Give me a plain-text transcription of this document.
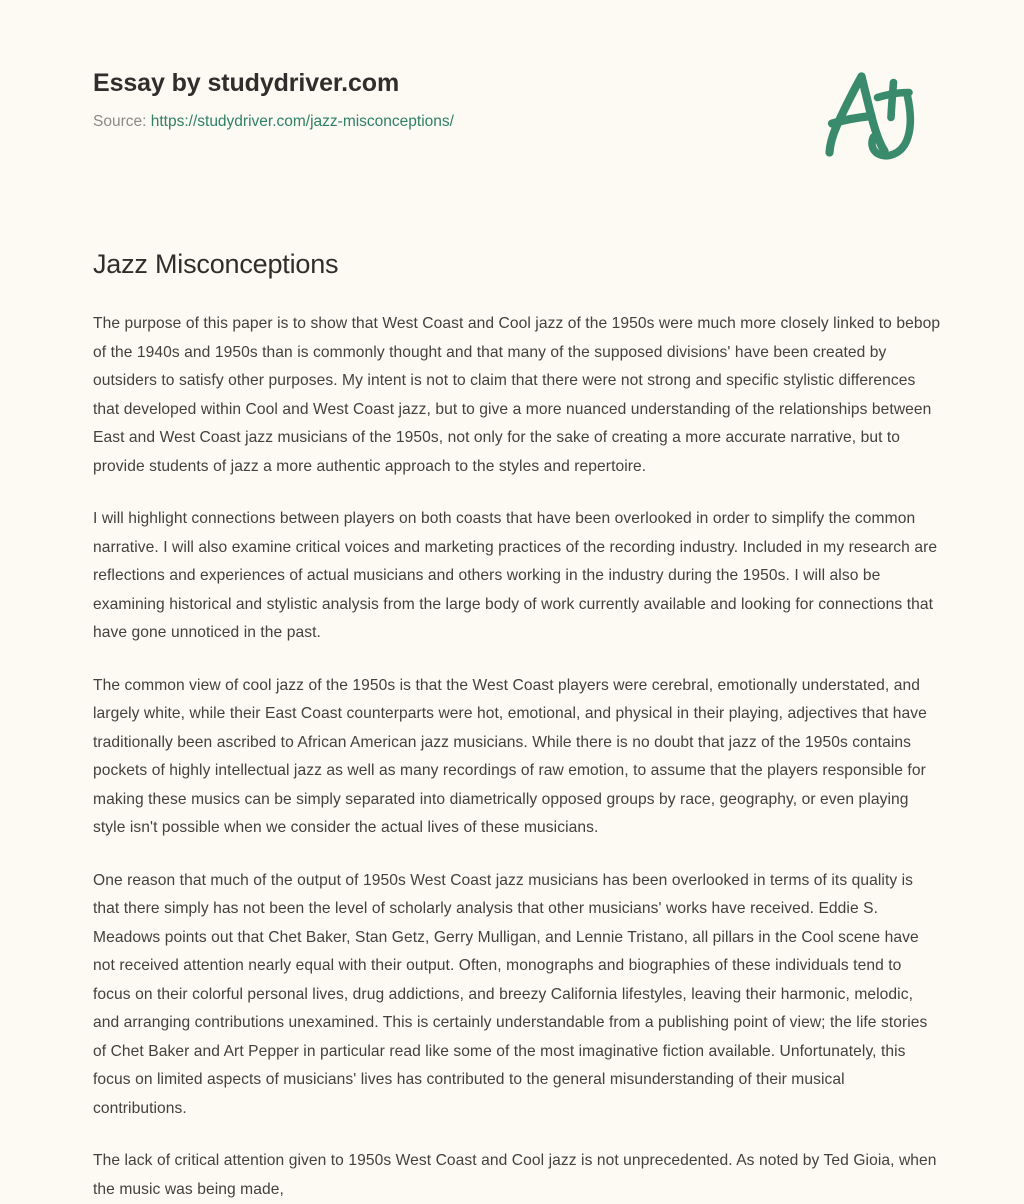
Essay by studydriver.com
Source: https://studydriver.com/jazz-misconceptions/
Jazz Misconceptions

The purpose of this paper is to show that West Coast and Cool jazz of the 1950s were much more closely linked to bebop of the 1940s and 1950s than is commonly thought and that many of the supposed divisions' have been created by outsiders to satisfy other purposes. My intent is not to claim that there were not strong and specific stylistic differences that developed within Cool and West Coast jazz, but to give a more nuanced understanding of the relationships between East and West Coast jazz musicians of the 1950s, not only for the sake of creating a more accurate narrative, but to provide students of jazz a more authentic approach to the styles and repertoire.

I will highlight connections between players on both coasts that have been overlooked in order to simplify the common narrative. I will also examine critical voices and marketing practices of the recording industry. Included in my research are reflections and experiences of actual musicians and others working in the industry during the 1950s. I will also be examining historical and stylistic analysis from the large body of work currently available and looking for connections that have gone unnoticed in the past.

The common view of cool jazz of the 1950s is that the West Coast players were cerebral, emotionally understated, and largely white, while their East Coast counterparts were hot, emotional, and physical in their playing, adjectives that have traditionally been ascribed to African American jazz musicians. While there is no doubt that jazz of the 1950s contains pockets of highly intellectual jazz as well as many recordings of raw emotion, to assume that the players responsible for making these musics can be simply separated into diametrically opposed groups by race, geography, or even playing style isn't possible when we consider the actual lives of these musicians.

One reason that much of the output of 1950s West Coast jazz musicians has been overlooked in terms of its quality is that there simply has not been the level of scholarly analysis that other musicians' works have received. Eddie S. Meadows points out that Chet Baker, Stan Getz, Gerry Mulligan, and Lennie Tristano, all pillars in the Cool scene have not received attention nearly equal with their output. Often, monographs and biographies of these individuals tend to focus on their colorful personal lives, drug addictions, and breezy California lifestyles, leaving their harmonic, melodic, and arranging contributions unexamined. This is certainly understandable from a publishing point of view; the life stories of Chet Baker and Art Pepper in particular read like some of the most imaginative fiction available. Unfortunately, this focus on limited aspects of musicians' lives has contributed to the general misunderstanding of their musical contributions.

The lack of critical attention given to 1950s West Coast and Cool jazz is not unprecedented. As noted by Ted Gioia, when the music was being made,
